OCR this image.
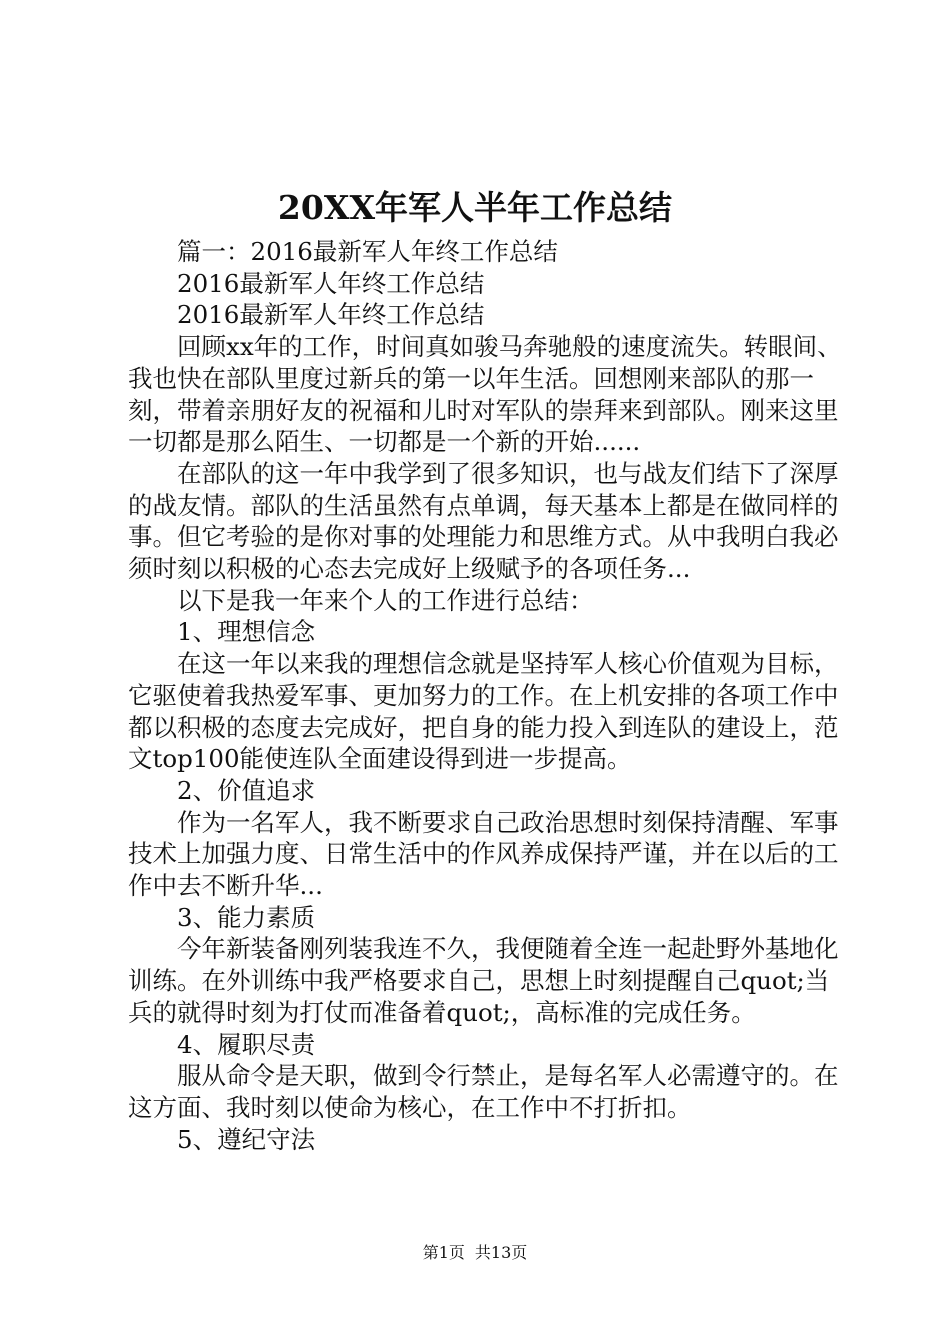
20XX年军人半年工作总结

篇一：2016最新军人年终工作总结

2016最新军人年终工作总结

2016最新军人年终工作总结

回顾xx年的工作，时间真如骏马奔驰般的速度流失。转眼间、我也快在部队里度过新兵的第一以年生活。回想刚来部队的那一刻，带着亲朋好友的祝福和儿时对军队的崇拜来到部队。刚来这里一切都是那么陌生、一切都是一个新的开始......

在部队的这一年中我学到了很多知识，也与战友们结下了深厚的战友情。部队的生活虽然有点单调，每天基本上都是在做同样的事。但它考验的是你对事的处理能力和思维方式。从中我明白我必须时刻以积极的心态去完成好上级赋予的各项任务...

以下是我一年来个人的工作进行总结：

1、理想信念

在这一年以来我的理想信念就是坚持军人核心价值观为目标，它驱使着我热爱军事、更加努力的工作。在上机安排的各项工作中都以积极的态度去完成好，把自身的能力投入到连队的建设上，范文top100能使连队全面建设得到进一步提高。

2、价值追求

作为一名军人，我不断要求自己政治思想时刻保持清醒、军事技术上加强力度、日常生活中的作风养成保持严谨，并在以后的工作中去不断升华...

3、能力素质

今年新装备刚列装我连不久，我便随着全连一起赴野外基地化训练。在外训练中我严格要求自己，思想上时刻提醒自己quot;当兵的就得时刻为打仗而准备着quot;，高标准的完成任务。

4、履职尽责

服从命令是天职，做到令行禁止，是每名军人必需遵守的。在这方面、我时刻以使命为核心，在工作中不打折扣。

5、遵纪守法

第1页 共13页
